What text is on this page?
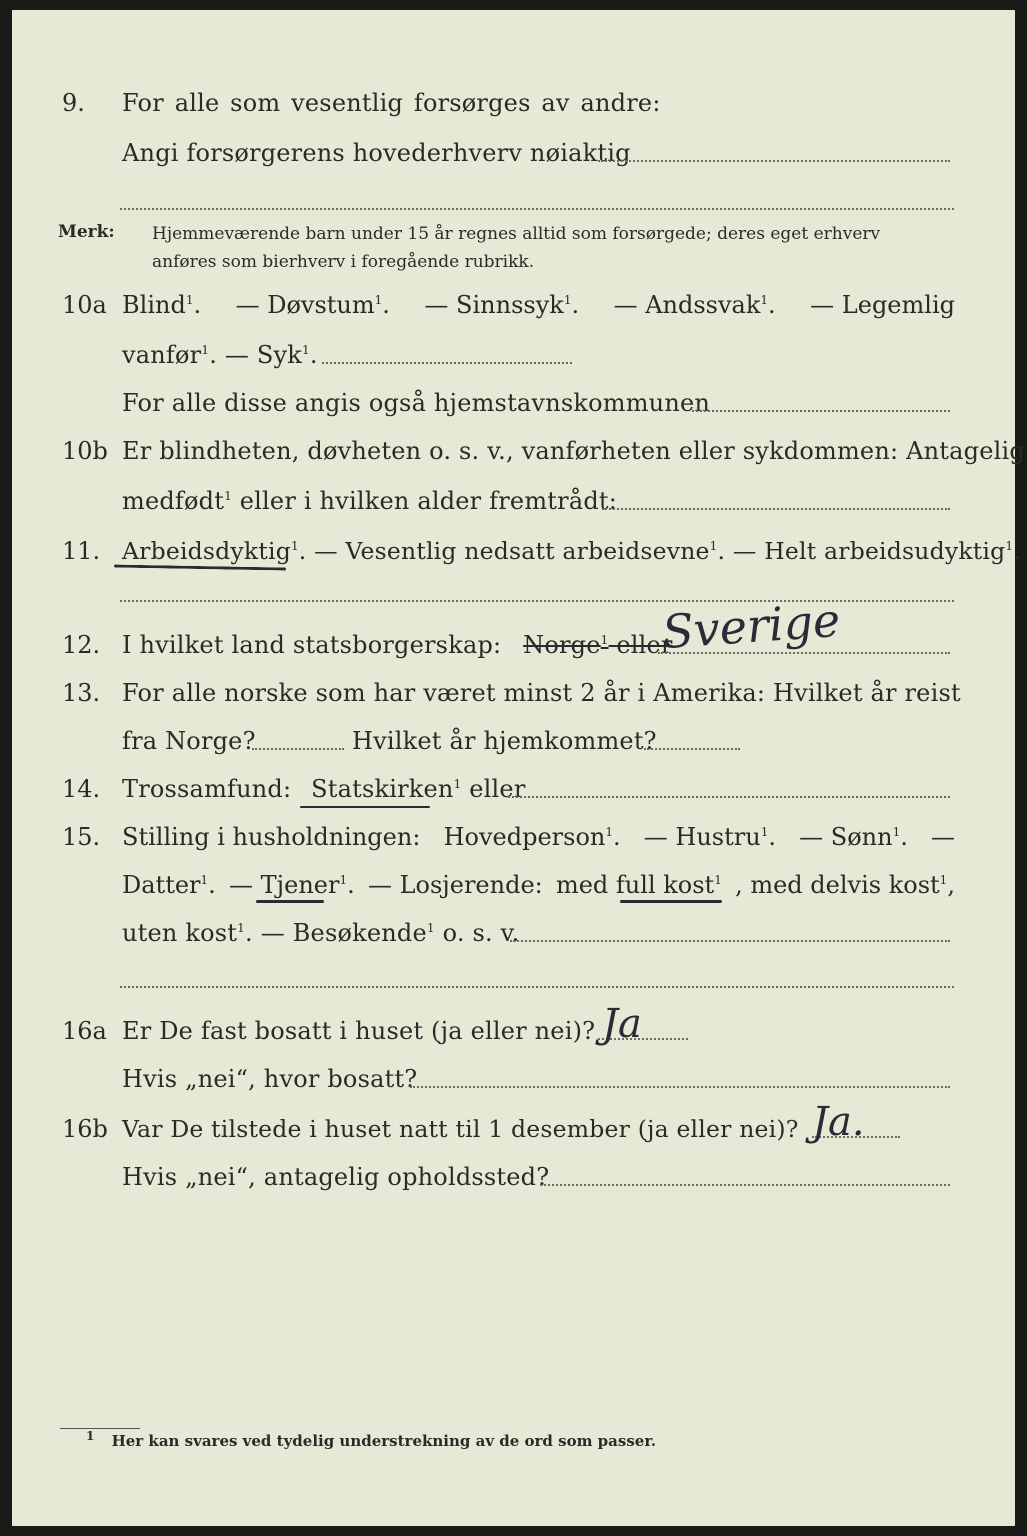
9. For alle som vesentlig forsørges av andre:
Angi forsørgerens hovederhverv nøiaktig
Merk: Hjemmeværende barn under 15 år regnes alltid som forsørgede; deres eget erhverv
anføres som bierhverv i foregående rubrikk.
10a Blind$^1$. — Døvstum$^1$. — Sinnssyk$^1$. — Andssvak$^1$. — Legemlig
vanfør$^1$. — Syk$^1$.
For alle disse angis også hjemstavnskommunen
10b Er blindheten, døvheten o. s. v., vanførheten eller sykdommen: Antagelig
medfødt$^1$ eller i hvilken alder fremtrådt:
11. Arbeidsdyktig$^1$. — Vesentlig nedsatt arbeidsevne$^1$. — Helt arbeidsudyktig$^1$.
12. I hvilket land statsborgerskap: Norge$^1$ eller
Sverige
13. For alle norske som har været minst 2 år i Amerika: Hvilket år reist
fra Norge?	Hvilket år hjemkommet?
14. Trossamfund: Statskirken$^1$ eller
15. Stilling i husholdningen: Hovedperson$^1$. — Hustru$^1$. — Sønn$^1$. —
Datter$^1$. — Tjener$^1$. — Losjerende: med full kost$^1$ , med delvis kost$^1$,
uten kost$^1$. — Besøkende$^1$ o. s. v.
16a Er De fast bosatt i huset (ja eller nei)? Ja
Hvis „nei“, hvor bosatt?
16b Var De tilstede i huset natt til 1 desember (ja eller nei)? Ja.
Hvis „nei“, antagelig opholdssted?
$^1$ Her kan svares ved tydelig understrekning av de ord som passer.
